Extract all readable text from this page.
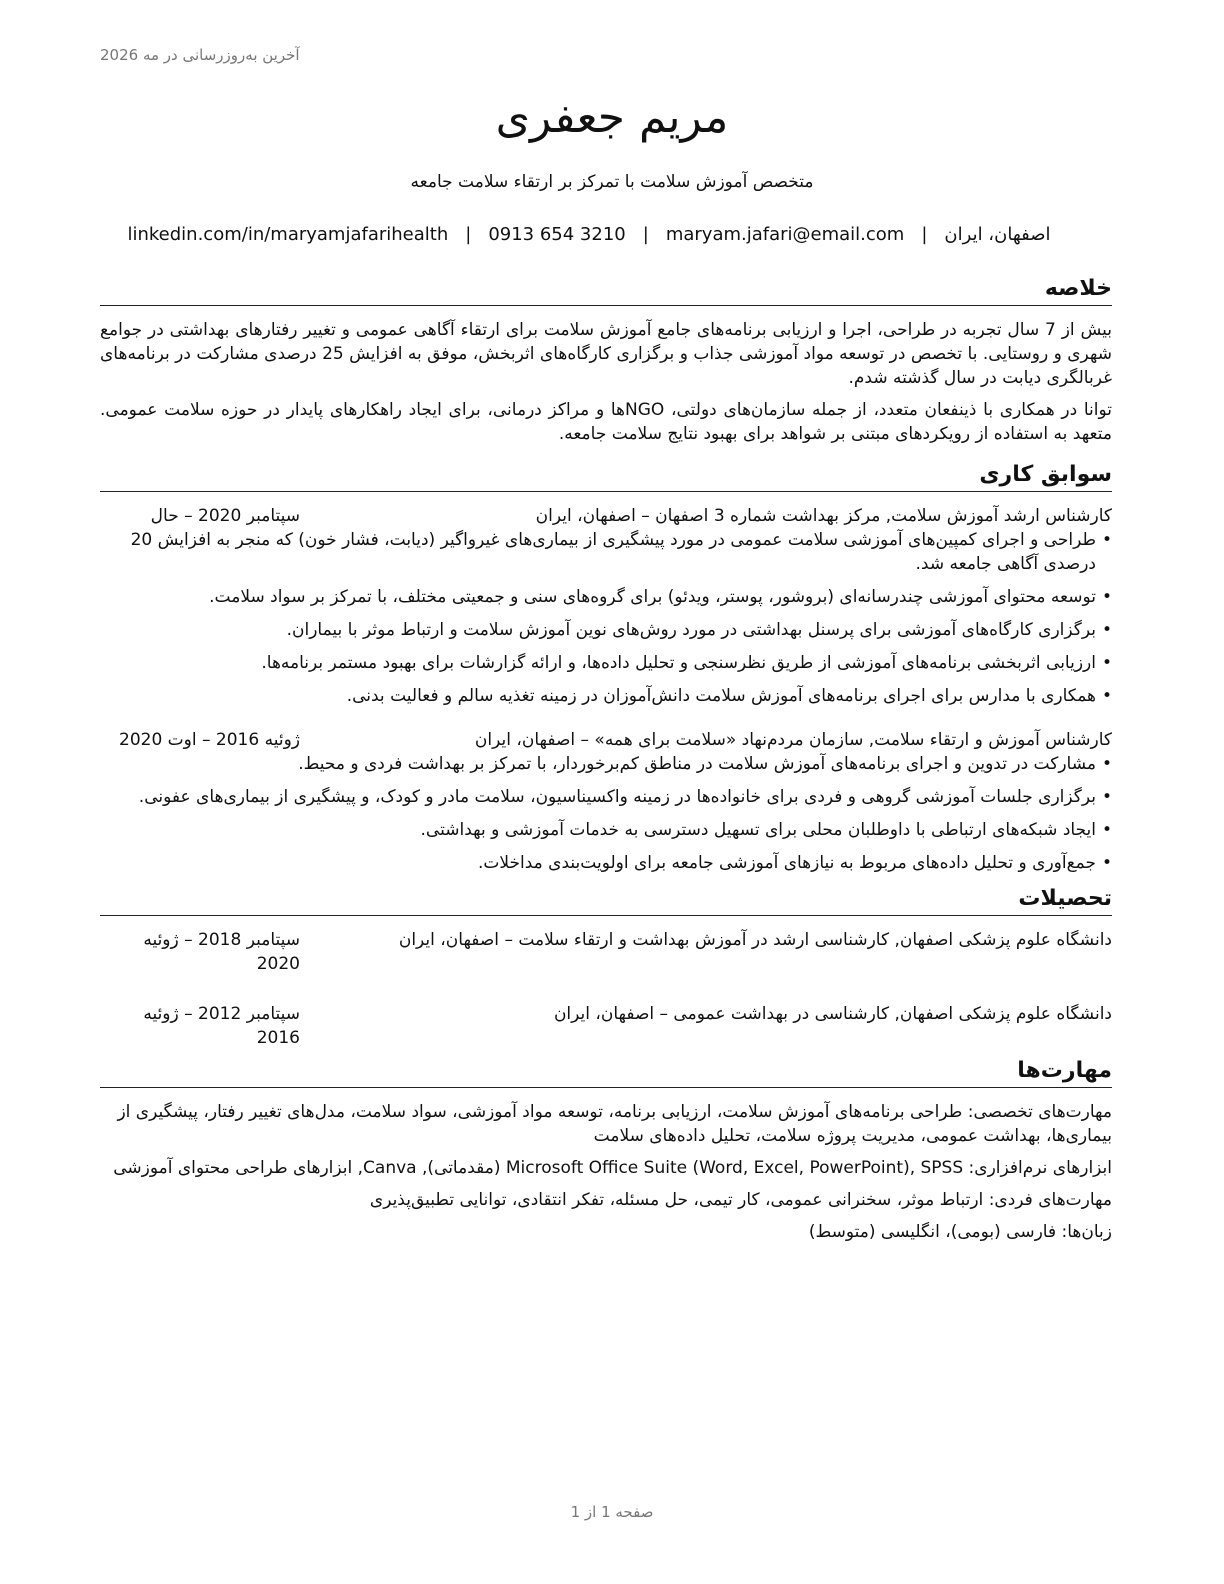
آخرین به‌روزرسانی در مه 2026
مریم جعفری
متخصص آموزش سلامت با تمرکز بر ارتقاء سلامت جامعه
اصفهان، ایران
|
maryam.jafari@email.com
|
0913 654 3210
|
linkedin.com/in/maryamjafarihealth
خلاصه

بیش از 7 سال تجربه در طراحی، اجرا و ارزیابی برنامه‌های جامع آموزش سلامت برای ارتقاء آگاهی عمومی و تغییر رفتارهای بهداشتی در جوامع شهری و روستایی. با تخصص در توسعه مواد آموزشی جذاب و برگزاری کارگاه‌های اثربخش، موفق به افزایش 25 درصدی مشارکت در برنامه‌های غربالگری دیابت در سال گذشته شدم.

توانا در همکاری با ذینفعان متعدد، از جمله سازمان‌های دولتی، NGOها و مراکز درمانی، برای ایجاد راهکارهای پایدار در حوزه سلامت عمومی. متعهد به استفاده از رویکردهای مبتنی بر شواهد برای بهبود نتایج سلامت جامعه.

سوابق کاری
کارشناس ارشد آموزش سلامت, مرکز بهداشت شماره 3 اصفهان – اصفهان، ایران
سپتامبر 2020 – حال
•
طراحی و اجرای کمپین‌های آموزشی سلامت عمومی در مورد پیشگیری از بیماری‌های غیرواگیر (دیابت، فشار خون) که منجر به افزایش 20 درصدی آگاهی جامعه شد.
•
توسعه محتوای آموزشی چندرسانه‌ای (بروشور، پوستر، ویدئو) برای گروه‌های سنی و جمعیتی مختلف، با تمرکز بر سواد سلامت.
•
برگزاری کارگاه‌های آموزشی برای پرسنل بهداشتی در مورد روش‌های نوین آموزش سلامت و ارتباط موثر با بیماران.
•
ارزیابی اثربخشی برنامه‌های آموزشی از طریق نظرسنجی و تحلیل داده‌ها، و ارائه گزارشات برای بهبود مستمر برنامه‌ها.
•
همکاری با مدارس برای اجرای برنامه‌های آموزش سلامت دانش‌آموزان در زمینه تغذیه سالم و فعالیت بدنی.
کارشناس آموزش و ارتقاء سلامت, سازمان مردم‌نهاد «سلامت برای همه» – اصفهان، ایران
ژوئیه 2016 – اوت 2020
•
مشارکت در تدوین و اجرای برنامه‌های آموزش سلامت در مناطق کم‌برخوردار، با تمرکز بر بهداشت فردی و محیط.
•
برگزاری جلسات آموزشی گروهی و فردی برای خانواده‌ها در زمینه واکسیناسیون، سلامت مادر و کودک، و پیشگیری از بیماری‌های عفونی.
•
ایجاد شبکه‌های ارتباطی با داوطلبان محلی برای تسهیل دسترسی به خدمات آموزشی و بهداشتی.
•
جمع‌آوری و تحلیل داده‌های مربوط به نیازهای آموزشی جامعه برای اولویت‌بندی مداخلات.
تحصیلات
دانشگاه علوم پزشکی اصفهان, کارشناسی ارشد در آموزش بهداشت و ارتقاء سلامت – اصفهان، ایران
سپتامبر 2018 – ژوئیه 2020
دانشگاه علوم پزشکی اصفهان, کارشناسی در بهداشت عمومی – اصفهان، ایران
سپتامبر 2012 – ژوئیه 2016
مهارت‌ها

مهارت‌های تخصصی: طراحی برنامه‌های آموزش سلامت، ارزیابی برنامه، توسعه مواد آموزشی، سواد سلامت، مدل‌های تغییر رفتار، پیشگیری از بیماری‌ها، بهداشت عمومی، مدیریت پروژه سلامت، تحلیل داده‌های سلامت

ابزارهای نرم‌افزاری: Microsoft Office Suite (Word, Excel, PowerPoint), SPSS (مقدماتی), Canva, ابزارهای طراحی محتوای آموزشی

مهارت‌های فردی: ارتباط موثر، سخنرانی عمومی، کار تیمی، حل مسئله، تفکر انتقادی، توانایی تطبیق‌پذیری

زبان‌ها: فارسی (بومی)، انگلیسی (متوسط)

صفحه 1 از 1
